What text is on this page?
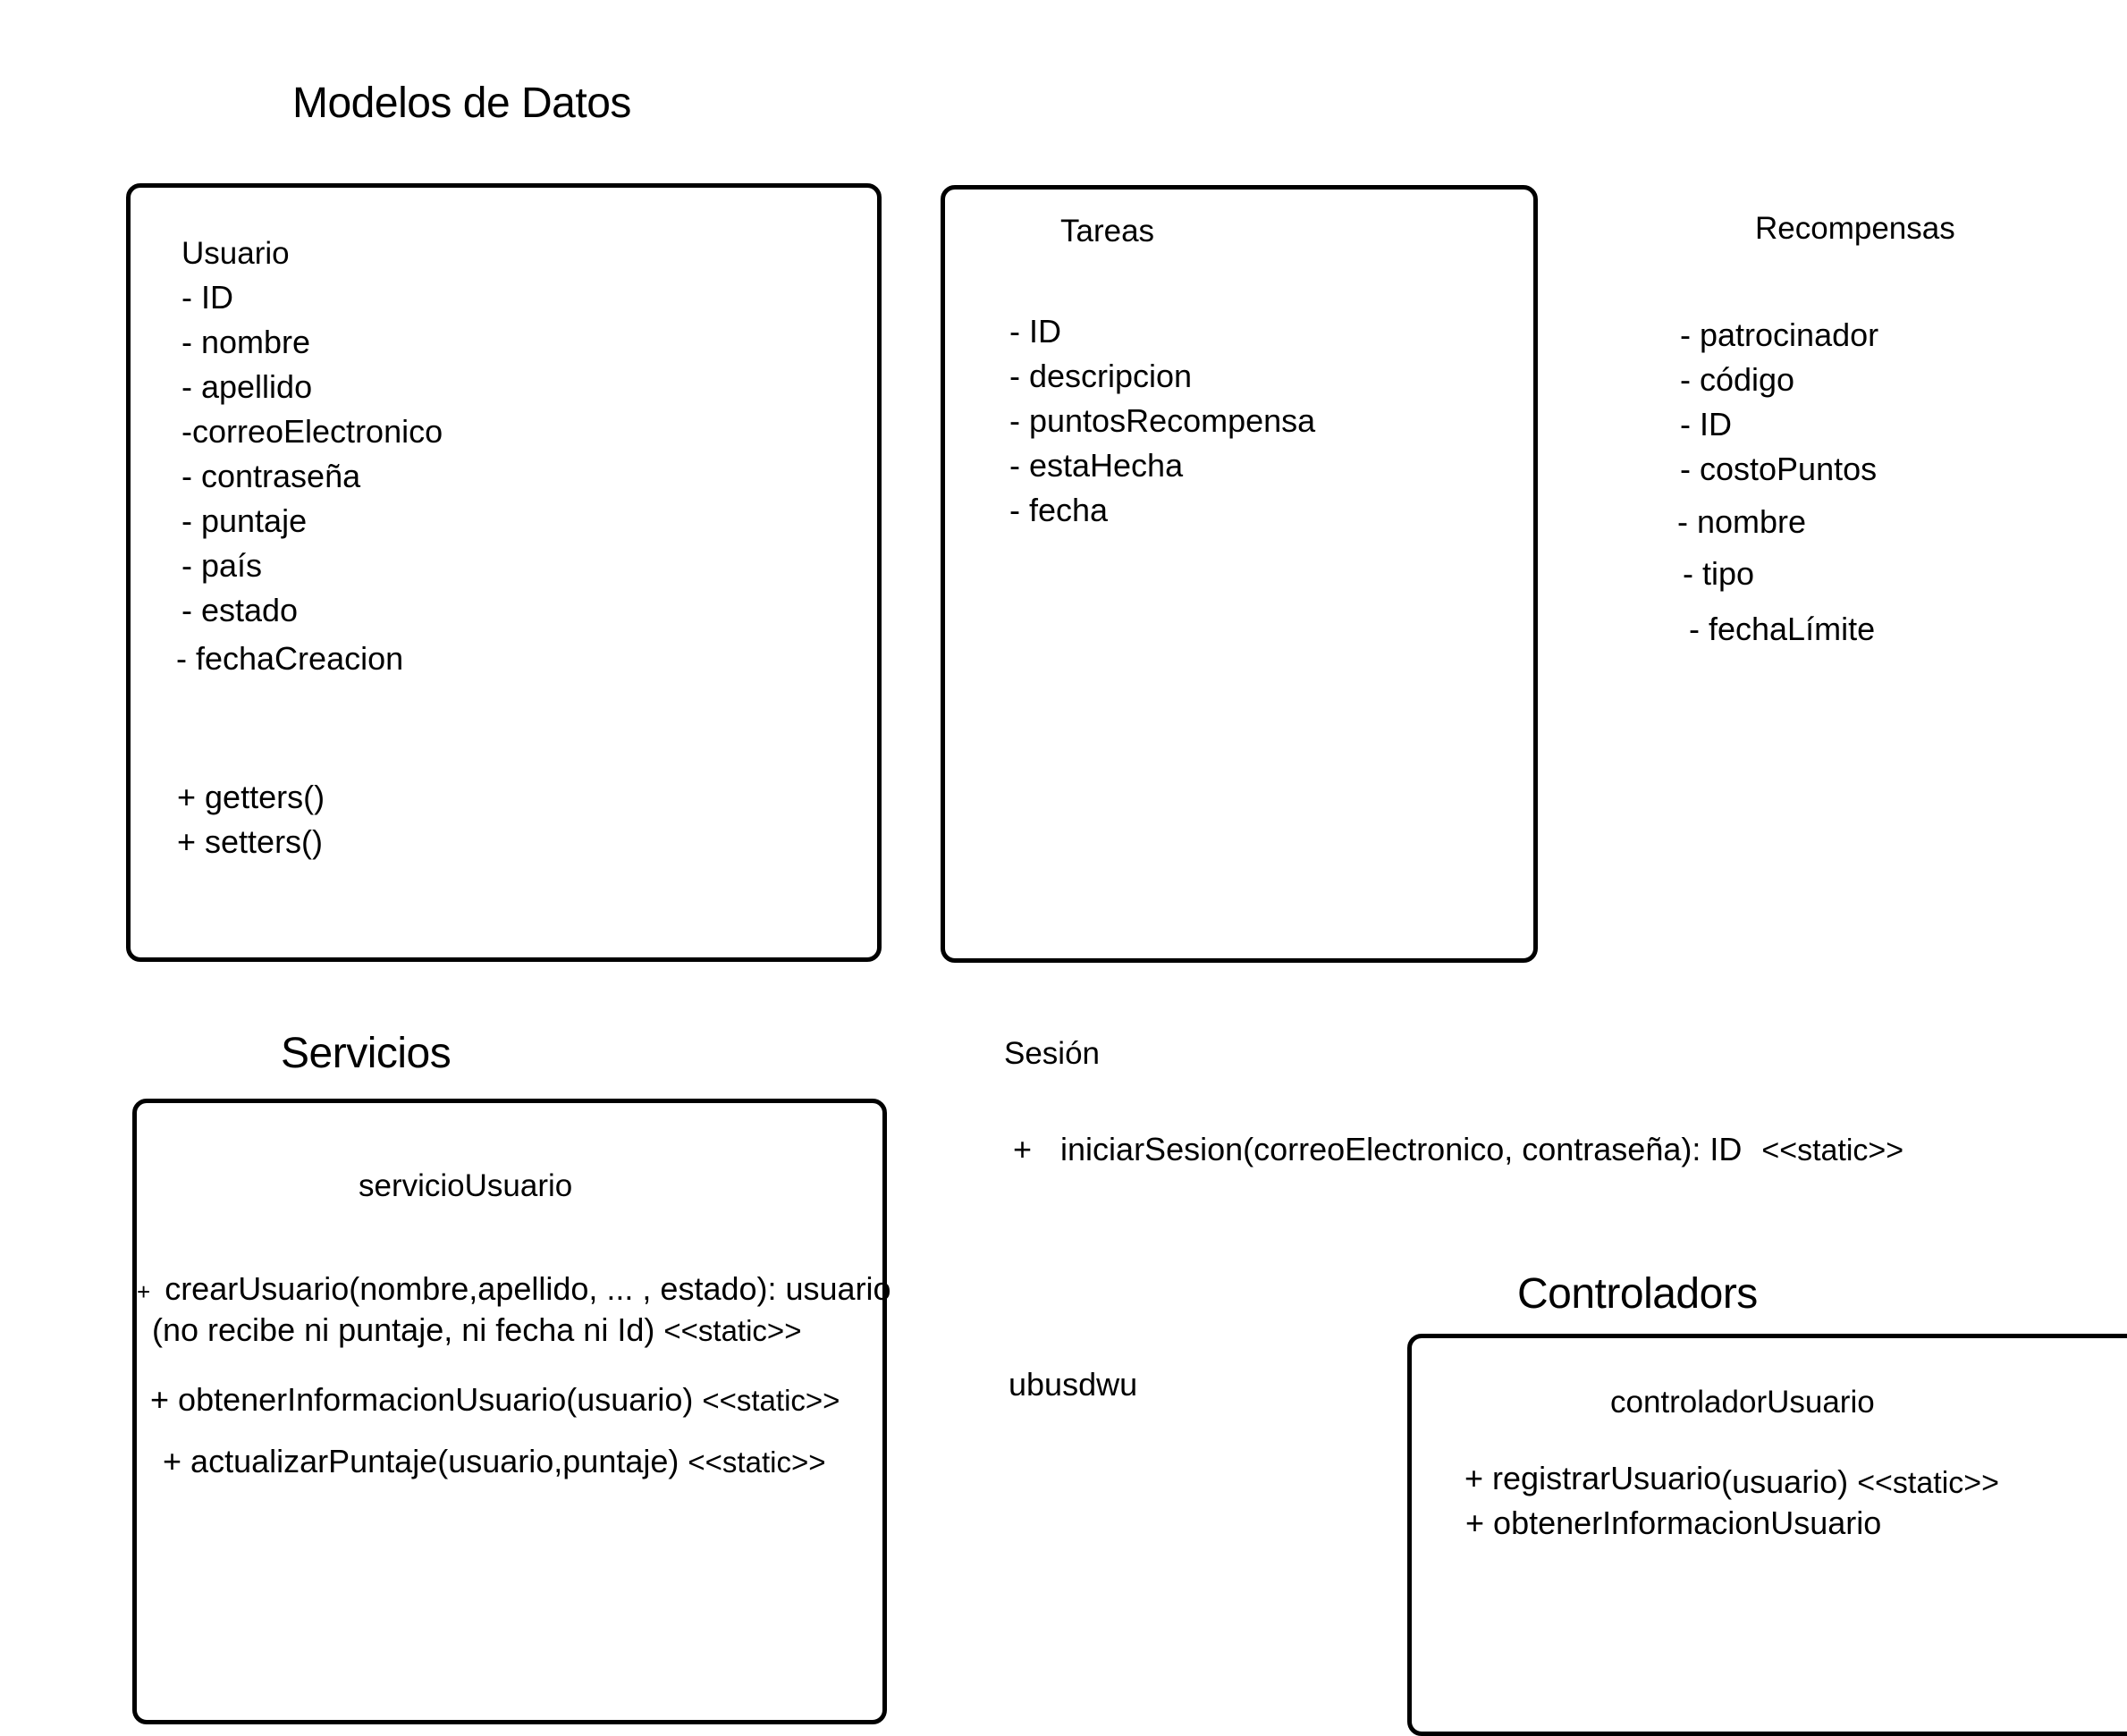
Modelos de Datos
Usuario
- ID
- nombre
- apellido
-correoElectronico
- contraseña
- puntaje
- país
- estado
- fechaCreacion
+ getters()
+ setters()
Tareas
- ID
- descripcion
- puntosRecompensa
- estaHecha
- fecha
Recompensas
- patrocinador
- código
- ID
- costoPuntos
- nombre
- tipo
- fechaLímite
Servicios
servicioUsuario
+ crearUsuario(nombre,apellido, ... , estado): usuario
(no recibe ni puntaje, ni fecha ni Id) <<static>>
+ obtenerInformacionUsuario(usuario) <<static>>
+ actualizarPuntaje(usuario,puntaje) <<static>>
Sesión
+ iniciarSesion(correoElectronico, contraseña): ID <<static>>
ubusdwu
Controladors
controladorUsuario
+ registrarUsuario(usuario) <<static>>
+ obtenerInformacionUsuario
